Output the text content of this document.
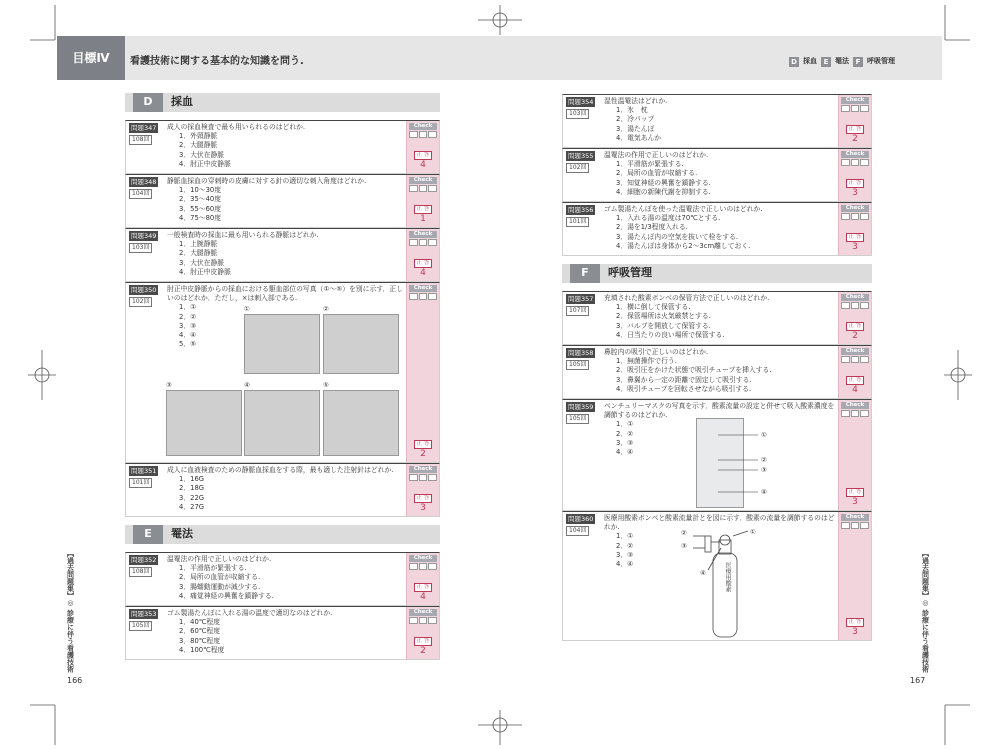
目標Ⅳ	看護技術に関する基本的な知識を問う.	D 採血 E 罨法 F 呼吸管理
D	採血
問題347
108回
成人の採血検査で最も用いられるのはどれか.
1．外頸静脈
2．大腿静脈
3．大伏在静脈
4．肘正中皮静脈
Check
正 答
4
問題348
104回
静脈血採血の穿刺時の皮膚に対する針の適切な刺入角度はどれか.
1．10～30度
2．35～40度
3．55～60度
4．75～80度
Check
正 答
1
問題349
103回
一般検査時の採血に最も用いられる静脈はどれか.
1．上腕静脈
2．大腿静脈
3．大伏在静脈
4．肘正中皮静脈
Check
正 答
4
問題350
102回
肘正中皮静脈からの採血における駆血部位の写真（①～⑤）を別に示す．正しいのはどれか．ただし，×は刺入部である.
1．①
2．②
3．③
4．④
5．⑤
Check
正 答
2
①	②
③	④	⑤
問題351
101回
成人に血液検査のための静脈血採血をする際，最も適した注射針はどれか.
1．16G
2．18G
3．22G
4．27G
Check
正 答
3
E	罨法
問題352
108回
温罨法の作用で正しいのはどれか.
1．平滑筋が緊張する.
2．局所の血管が収縮する.
3．腸蠕動運動が減少する.
4．痛覚神経の興奮を鎮静する.
Check
正 答
4
問題353
105回
ゴム製湯たんぽに入れる湯の温度で適切なのはどれか.
1．40℃程度
2．60℃程度
3．80℃程度
4．100℃程度
Check
正 答
2
問題354
103回
湿性温罨法はどれか.
1．氷　枕
2．冷パップ
3．湯たんぽ
4．電気あんか
Check
正 答
2
問題355
102回
温罨法の作用で正しいのはどれか.
1．平滑筋が緊張する.
2．局所の血管が収縮する.
3．知覚神経の興奮を鎮静する.
4．細胞の新陳代謝を抑制する.
Check
正 答
3
問題356
101回
ゴム製湯たんぽを使った温罨法で正しいのはどれか.
1．入れる湯の温度は70℃とする.
2．湯を1/3程度入れる.
3．湯たんぽ内の空気を抜いて栓をする.
4．湯たんぽは身体から2～3cm離しておく.
Check
正 答
3
F	呼吸管理
問題357
107回
充填された酸素ボンベの保管方法で正しいのはどれか.
1．横に倒して保管する.
2．保管場所は火気厳禁とする.
3．バルブを開放して保管する.
4．日当たりの良い場所で保管する.
Check
正 答
2
問題358
105回
鼻腔内の吸引で正しいのはどれか.
1．無菌操作で行う.
2．吸引圧をかけた状態で吸引チューブを挿入する.
3．鼻翼から一定の距離で固定して吸引する.
4．吸引チューブを回転させながら吸引する.
Check
正 答
4
問題359
105回
ベンチュリーマスクの写真を示す．酸素流量の設定と併せて吸入酸素濃度を調節するのはどれか.
1．①
2．②
3．③
4．④
Check
正 答
3
①
②
③
④
問題360
104回
医療用酸素ボンベと酸素流量計とを図に示す．酸素の流量を調節するのはどれか.
1．①
2．②
3．③
4．④
Check
正 答
3
①
②
③
④	医療用酸素
【過去問題集】◎ 診療に伴う看護技術	【過去問題集】◎ 診療に伴う看護技術
166	167
